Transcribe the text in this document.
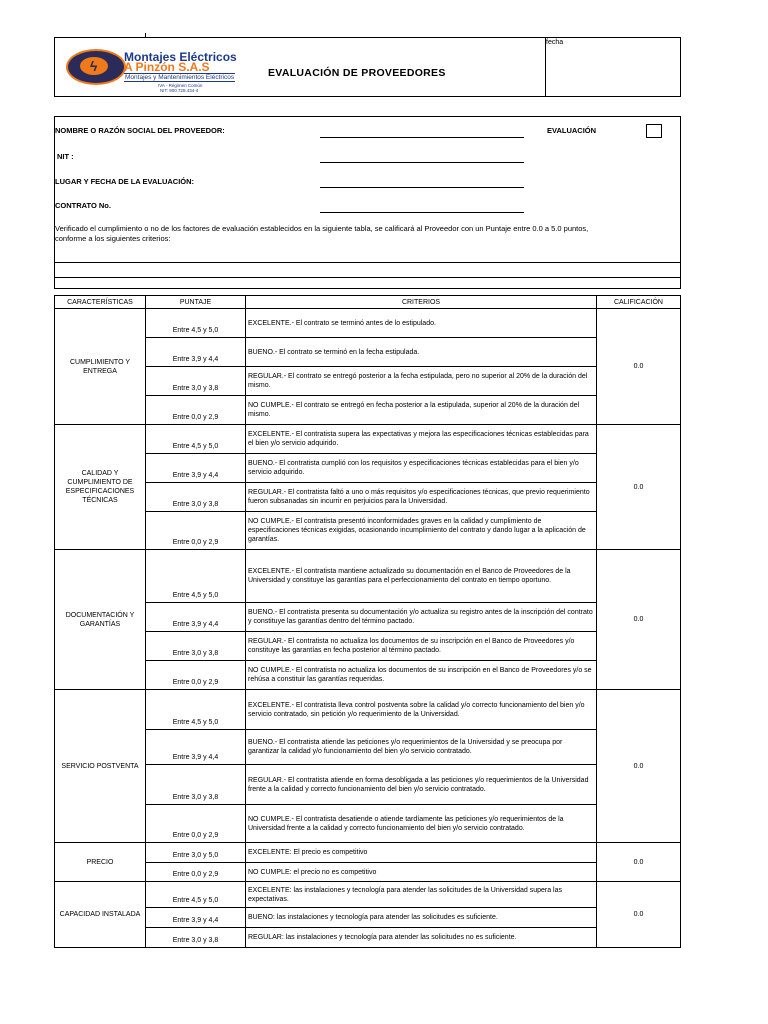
ϟ
Montajes Eléctricos
A Pinzón S.A.S
Montajes y Mantenimientos Eléctricos
IVA - Régimen Común
NIT: 900.728.434-4
EVALUACIÓN DE PROVEEDORES
fecha
NOMBRE O RAZÓN SOCIAL DEL PROVEEDOR:	EVALUACIÓN
NIT :
LUGAR Y FECHA DE LA EVALUACIÓN:
CONTRATO No.
Verificado el cumplimiento o no de los factores de evaluación establecidos en la siguiente tabla, se calificará al Proveedor con un Puntaje entre 0.0 a 5.0 puntos, conforme a los siguientes criterios:
CARACTERÍSTICAS	PUNTAJE	CRITERIOS	CALIFICACIÓN
CUMPLIMIENTO Y ENTREGA	Entre 4,5 y 5,0	EXCELENTE.- El contrato se terminó antes de lo estipulado.	0.0
	Entre 3,9 y 4,4	BUENO.- El contrato se terminó en la fecha estipulada.	
	Entre 3,0 y 3,8	REGULAR.- El contrato se entregó posterior a la fecha estipulada, pero no superior al 20% de la duración del mismo.	
	Entre 0,0 y 2,9	NO CUMPLE.- El contrato se entregó en fecha posterior a la estipulada, superior al 20% de la duración del mismo.	
CALIDAD Y CUMPLIMIENTO DE ESPECIFICACIONES TÉCNICAS	Entre 4,5 y 5,0	EXCELENTE.- El contratista supera las expectativas y mejora las especificaciones técnicas establecidas para el bien y/o servicio adquirido.	0.0
	Entre 3,9 y 4,4	BUENO.- El contratista cumplió con los requisitos y especificaciones técnicas establecidas para el bien y/o servicio adquirido.	
	Entre 3,0 y 3,8	REGULAR.- El contratista faltó a uno o más requisitos y/o especificaciones técnicas, que previo requerimiento fueron subsanadas sin incurrir en perjuicios para la Universidad.	
	Entre 0,0 y 2,9	NO CUMPLE.- El contratista presentó inconformidades graves en la calidad y cumplimiento de especificaciones técnicas exigidas, ocasionando incumplimiento del contrato y dando lugar a la aplicación de garantías.	
DOCUMENTACIÓN Y GARANTÍAS	Entre 4,5 y 5,0	EXCELENTE.- El contratista mantiene actualizado su documentación en el Banco de Proveedores de la Universidad y constituye las garantías para el perfeccionamiento del contrato en tiempo oportuno.	0.0
	Entre 3,9 y 4,4	BUENO.- El contratista presenta su documentación y/o actualiza su registro antes de la inscripción del contrato y constituye las garantías dentro del término pactado.	
	Entre 3,0 y 3,8	REGULAR.- El contratista no actualiza los documentos de su inscripción en el Banco de Proveedores y/o constituye las garantías en fecha posterior al término pactado.	
	Entre 0,0 y 2,9	NO CUMPLE.- El contratista no actualiza los documentos de su inscripción en el Banco de Proveedores y/o se rehúsa a constituir las garantías requeridas.	
SERVICIO POSTVENTA	Entre 4,5 y 5,0	EXCELENTE.- El contratista lleva control postventa sobre la calidad y/o correcto funcionamiento del bien y/o servicio contratado, sin petición y/o requerimiento de la Universidad.	0.0
	Entre 3,9 y 4,4	BUENO.- El contratista atiende las peticiones y/o requerimientos de la Universidad y se preocupa por garantizar la calidad y/o funcionamiento del bien y/o servicio contratado.	
	Entre 3,0 y 3,8	REGULAR.- El contratista atiende en forma desobligada a las peticiones y/o requerimientos de la Universidad frente a la calidad y correcto funcionamiento del bien y/o servicio contratado.	
	Entre 0,0 y 2,9	NO CUMPLE.- El contratista desatiende o atiende tardíamente las peticiones y/o requerimientos de la Universidad frente a la calidad y correcto funcionamiento del bien y/o servicio contratado.	
PRECIO	Entre 3,0 y 5,0	EXCELENTE: El precio es competitivo	0.0
	Entre 0,0 y 2,9	NO CUMPLE: el precio no es competitivo	
CAPACIDAD INSTALADA	Entre 4,5 y 5,0	EXCELENTE: las instalaciones y tecnología para atender las solicitudes de la Universidad supera las expectativas.	0.0
	Entre 3,9 y 4,4	BUENO: las instalaciones y tecnología para atender las solicitudes es suficiente.	
	Entre 3,0 y 3,8	REGULAR: las instalaciones y tecnología para atender las solicitudes no es suficiente.	
